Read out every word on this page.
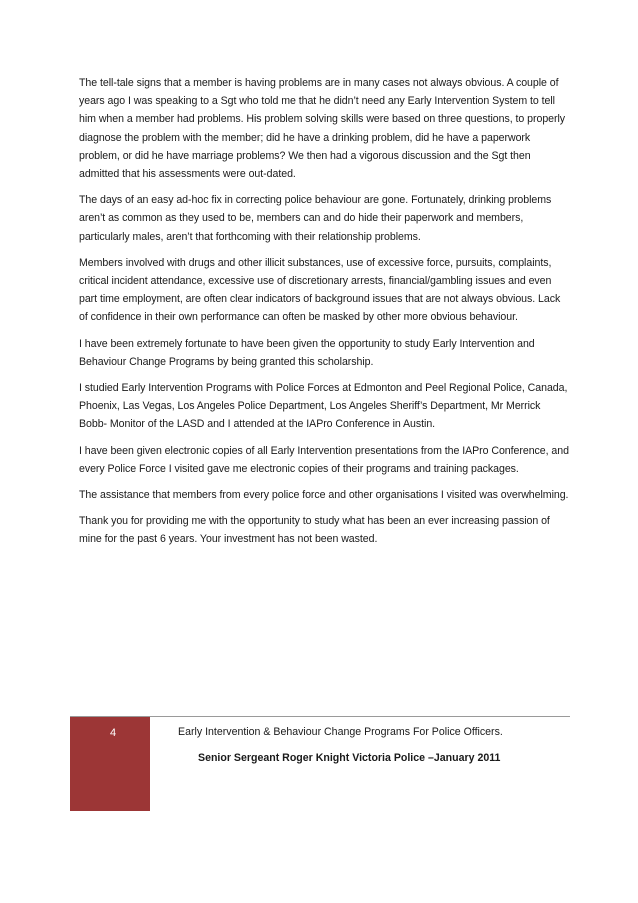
The tell-tale signs that a member is having problems are in many cases not always obvious. A couple of years ago I was speaking to a Sgt who told me that he didn’t need any Early Intervention System to tell him when a member had problems. His problem solving skills were based on three questions, to properly diagnose the problem with the member; did he have a drinking problem, did he have a paperwork problem, or did he have marriage problems? We then had a vigorous discussion and the Sgt then admitted that his assessments were out-dated.

The days of an easy ad-hoc fix in correcting police behaviour are gone. Fortunately, drinking problems aren’t as common as they used to be, members can and do hide their paperwork and members, particularly males, aren’t that forthcoming with their relationship problems.

Members involved with drugs and other illicit substances, use of excessive force, pursuits, complaints, critical incident attendance, excessive use of discretionary arrests, financial/gambling issues and even part time employment, are often clear indicators of background issues that are not always obvious. Lack of confidence in their own performance can often be masked by other more obvious behaviour.

I have been extremely fortunate to have been given the opportunity to study Early Intervention and Behaviour Change Programs by being granted this scholarship.

I studied Early Intervention Programs with Police Forces at Edmonton and Peel Regional Police, Canada, Phoenix, Las Vegas, Los Angeles Police Department, Los Angeles Sheriff’s Department, Mr Merrick Bobb- Monitor of the LASD and I attended at the IAPro Conference in Austin.

I have been given electronic copies of all Early Intervention presentations from the IAPro Conference, and every Police Force I visited gave me electronic copies of their programs and training packages.

The assistance that members from every police force and other organisations I visited was overwhelming.

Thank you for providing me with the opportunity to study what has been an ever increasing passion of mine for the past 6 years. Your investment has not been wasted.

4	Early Intervention & Behaviour Change Programs For Police Officers.
Senior Sergeant Roger Knight Victoria Police –January 2011
